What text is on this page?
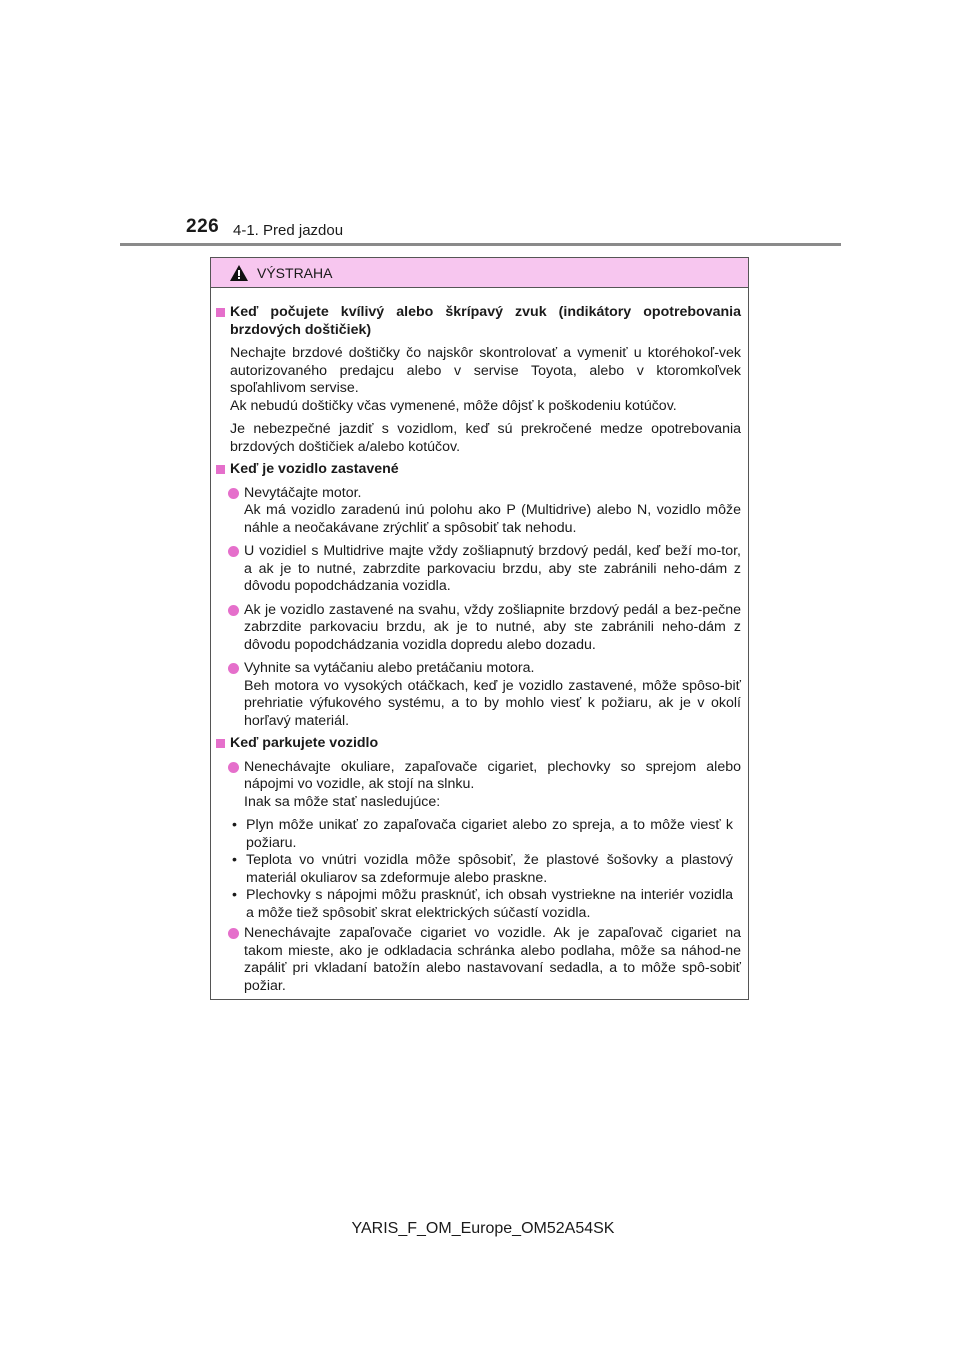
226 4-1. Pred jazdou
VÝSTRAHA
Keď počujete kvílivý alebo škrípavý zvuk (indikátory opotrebovania brzdových doštičiek)
Nechajte brzdové doštičky čo najskôr skontrolovať a vymeniť u ktoréhokoľ-vek autorizovaného predajcu alebo v servise Toyota, alebo v ktoromkoľvek spoľahlivom servise.
Ak nebudú doštičky včas vymenené, môže dôjsť k poškodeniu kotúčov.
Je nebezpečné jazdiť s vozidlom, keď sú prekročené medze opotrebovania brzdových doštičiek a/alebo kotúčov.
Keď je vozidlo zastavené
Nevytáčajte motor.
Ak má vozidlo zaradenú inú polohu ako P (Multidrive) alebo N, vozidlo môže náhle a neočakávane zrýchliť a spôsobiť tak nehodu.
U vozidiel s Multidrive majte vždy zošliapnutý brzdový pedál, keď beží mo-tor, a ak je to nutné, zabrzdite parkovaciu brzdu, aby ste zabránili neho-dám z dôvodu popodchádzania vozidla.
Ak je vozidlo zastavené na svahu, vždy zošliapnite brzdový pedál a bez-pečne zabrzdite parkovaciu brzdu, ak je to nutné, aby ste zabránili neho-dám z dôvodu popodchádzania vozidla dopredu alebo dozadu.
Vyhnite sa vytáčaniu alebo pretáčaniu motora.
Beh motora vo vysokých otáčkach, keď je vozidlo zastavené, môže spôso-biť prehriatie výfukového systému, a to by mohlo viesť k požiaru, ak je v okolí horľavý materiál.
Keď parkujete vozidlo
Nenechávajte okuliare, zapaľovače cigariet, plechovky so sprejom alebo nápojmi vo vozidle, ak stojí na slnku.
Inak sa môže stať nasledujúce:
• Plyn môže unikať zo zapaľovača cigariet alebo zo spreja, a to môže viesť k požiaru.
• Teplota vo vnútri vozidla môže spôsobiť, že plastové šošovky a plastový materiál okuliarov sa zdeformuje alebo praskne.
• Plechovky s nápojmi môžu prasknúť, ich obsah vystriekne na interiér vozidla a môže tiež spôsobiť skrat elektrických súčastí vozidla.
Nenechávajte zapaľovače cigariet vo vozidle. Ak je zapaľovač cigariet na takom mieste, ako je odkladacia schránka alebo podlaha, môže sa náhod-ne zapáliť pri vkladaní batožín alebo nastavovaní sedadla, a to môže spô-sobiť požiar.
YARIS_F_OM_Europe_OM52A54SK
